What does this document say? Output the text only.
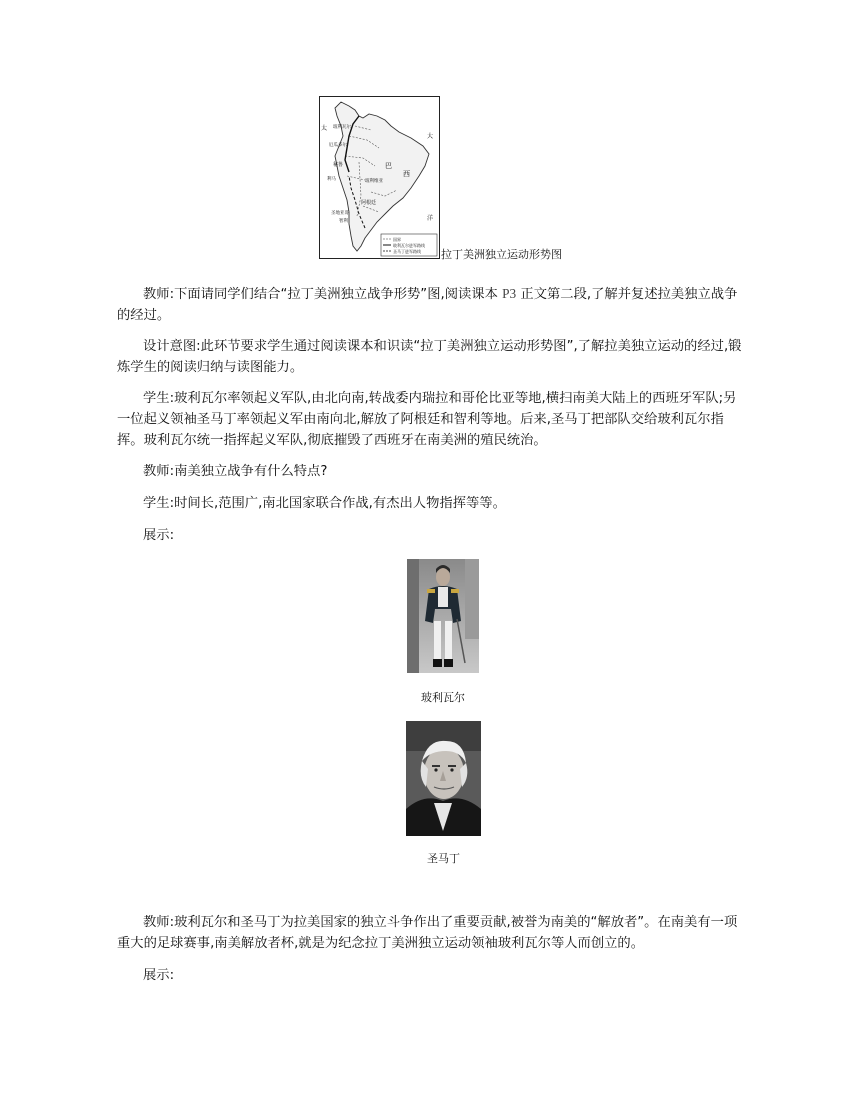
太
大
洋
巴
西
玻利瓦尔
厄瓜多尔
秘鲁
利马	玻利维亚
阿根廷
圣地亚哥
智利
国界
玻利瓦尔进军路线
圣马丁进军路线 拉丁美洲独立运动形势图

教师:下面请同学们结合“拉丁美洲独立战争形势”图,阅读课本 P3 正文第二段,了解并复述拉美独立战争的经过。

设计意图:此环节要求学生通过阅读课本和识读“拉丁美洲独立运动形势图”,了解拉美独立运动的经过,锻炼学生的阅读归纳与读图能力。

学生:玻利瓦尔率领起义军队,由北向南,转战委内瑞拉和哥伦比亚等地,横扫南美大陆上的西班牙军队;另一位起义领袖圣马丁率领起义军由南向北,解放了阿根廷和智利等地。后来,圣马丁把部队交给玻利瓦尔指挥。玻利瓦尔统一指挥起义军队,彻底摧毁了西班牙在南美洲的殖民统治。

教师:南美独立战争有什么特点?

学生:时间长,范围广,南北国家联合作战,有杰出人物指挥等等。

展示:

玻利瓦尔
圣马丁

教师:玻利瓦尔和圣马丁为拉美国家的独立斗争作出了重要贡献,被誉为南美的“解放者”。在南美有一项重大的足球赛事,南美解放者杯,就是为纪念拉丁美洲独立运动领袖玻利瓦尔等人而创立的。

展示:
